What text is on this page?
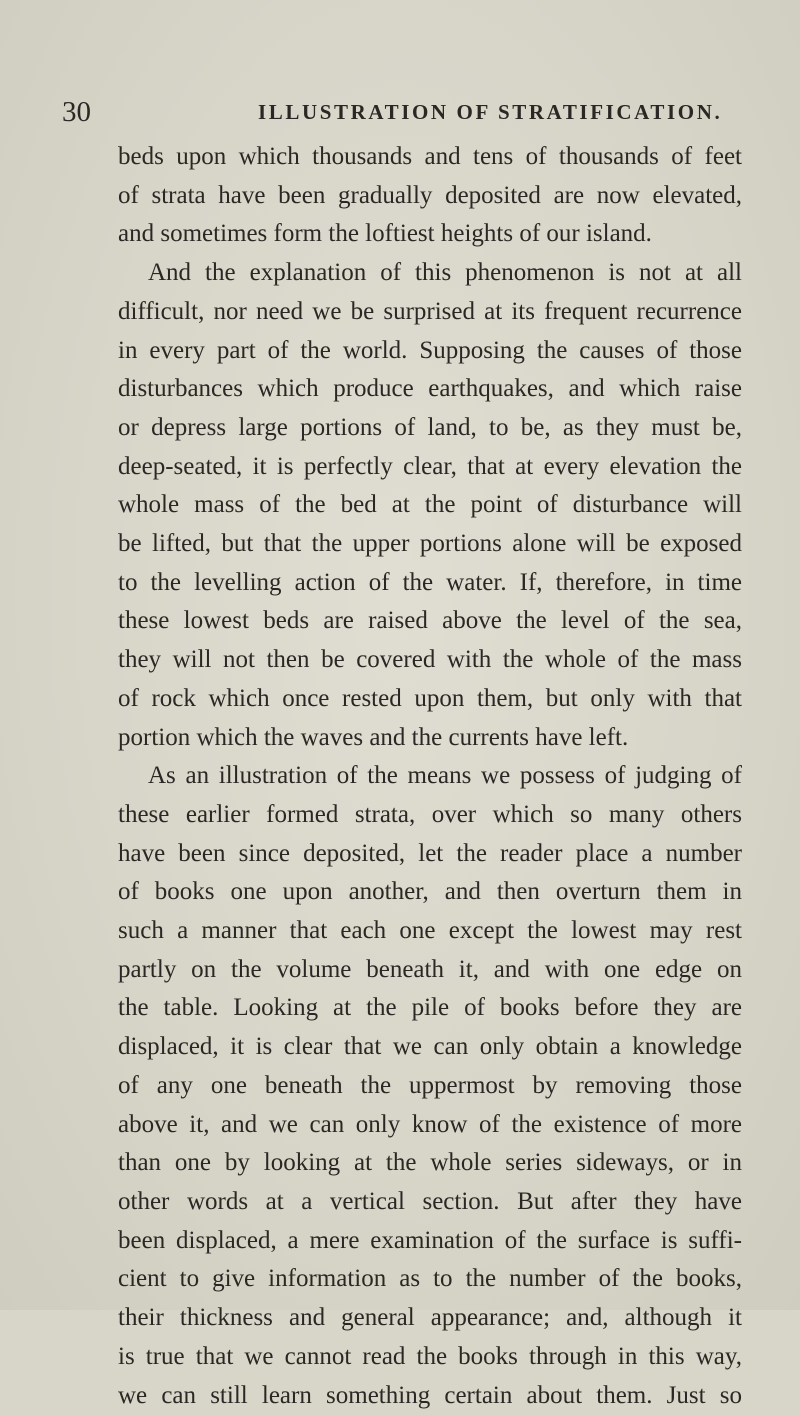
30	ILLUSTRATION OF STRATIFICATION.
beds upon which thousands and tens of thousands of feet
of strata have been gradually deposited are now elevated,
and sometimes form the loftiest heights of our island.
And the explanation of this phenomenon is not at all
difficult, nor need we be surprised at its frequent recurrence
in every part of the world. Supposing the causes of those
disturbances which produce earthquakes, and which raise
or depress large portions of land, to be, as they must be,
deep-seated, it is perfectly clear, that at every elevation the
whole mass of the bed at the point of disturbance will
be lifted, but that the upper portions alone will be exposed
to the levelling action of the water. If, therefore, in time
these lowest beds are raised above the level of the sea,
they will not then be covered with the whole of the mass
of rock which once rested upon them, but only with that
portion which the waves and the currents have left.
As an illustration of the means we possess of judging of
these earlier formed strata, over which so many others
have been since deposited, let the reader place a number
of books one upon another, and then overturn them in
such a manner that each one except the lowest may rest
partly on the volume beneath it, and with one edge on
the table. Looking at the pile of books before they are
displaced, it is clear that we can only obtain a knowledge
of any one beneath the uppermost by removing those
above it, and we can only know of the existence of more
than one by looking at the whole series sideways, or in
other words at a vertical section. But after they have
been displaced, a mere examination of the surface is suffi-
cient to give information as to the number of the books,
their thickness and general appearance; and, although it
is true that we cannot read the books through in this way,
we can still learn something certain about them. Just so
